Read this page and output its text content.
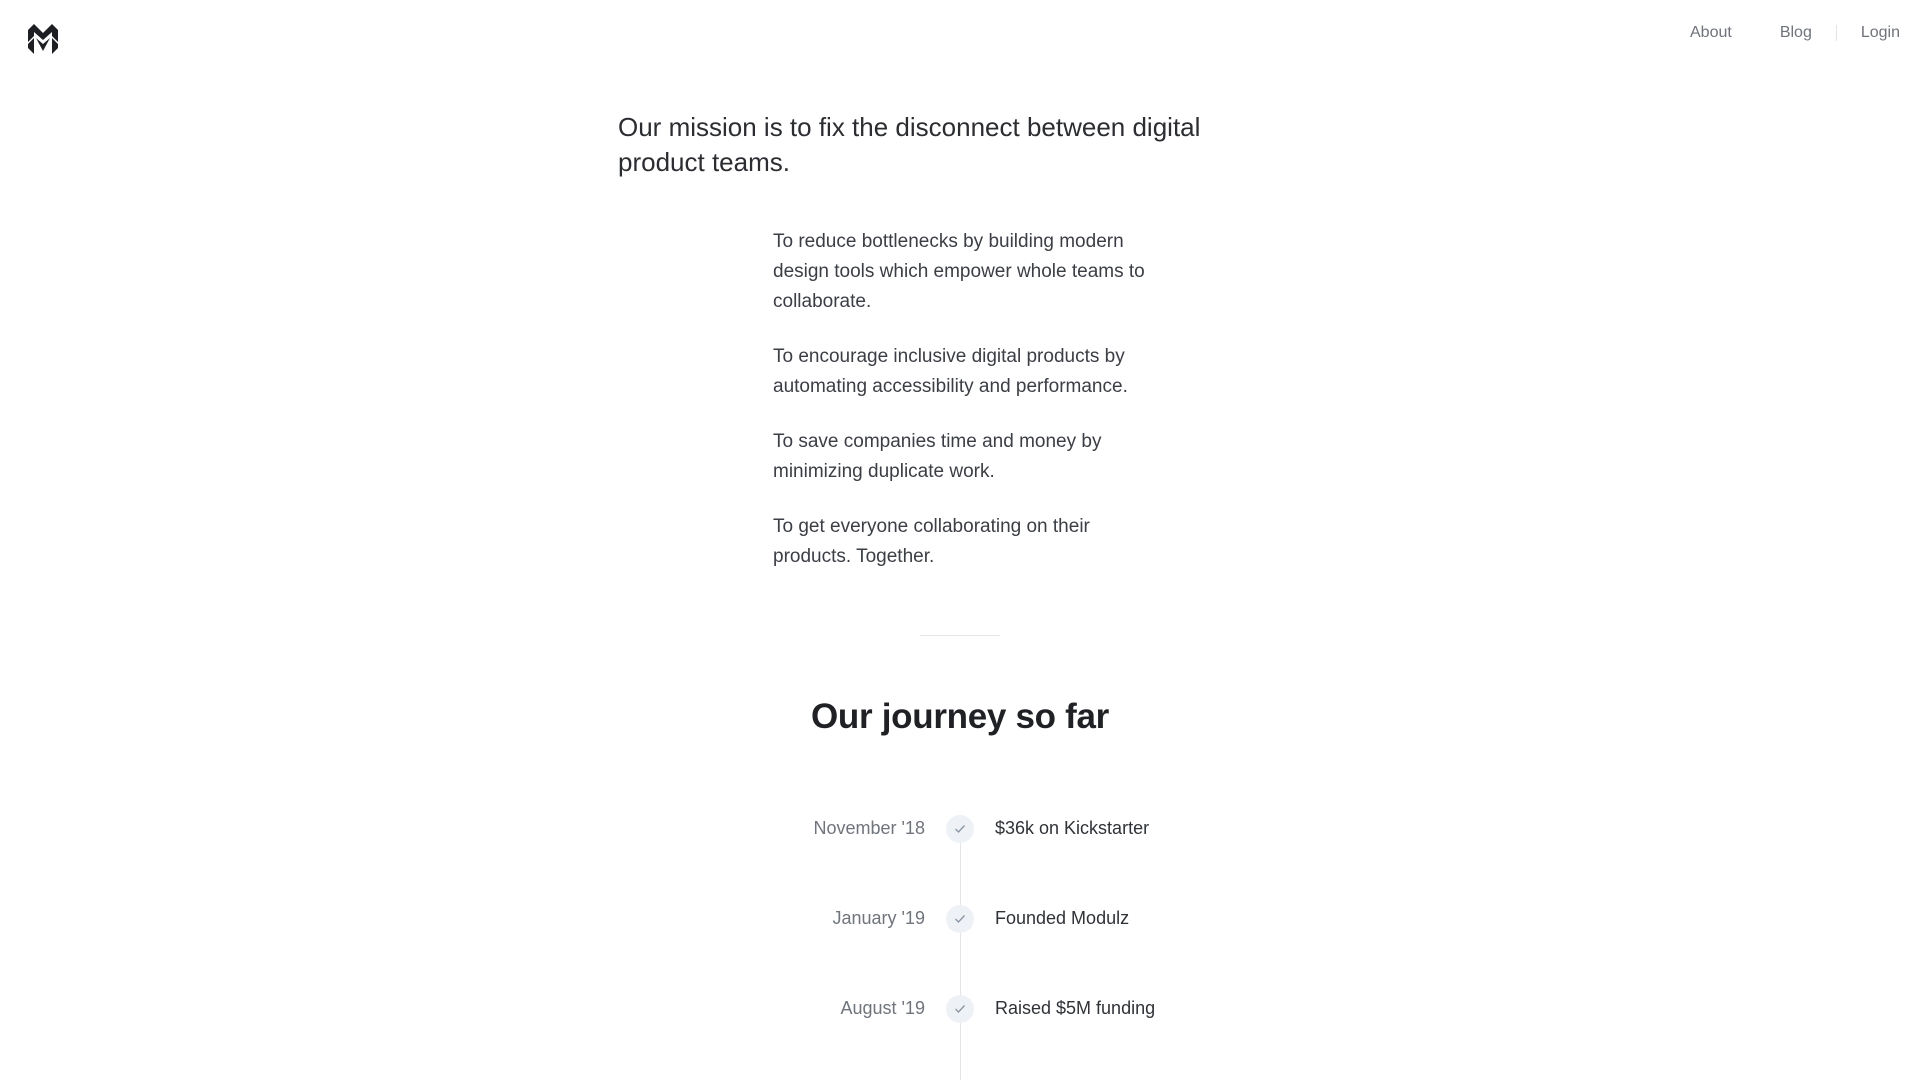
About	Blog	Login
Our mission is to fix the disconnect between digital product teams.

To reduce bottlenecks by building modern design tools which empower whole teams to collaborate.

To encourage inclusive digital products by automating accessibility and performance.

To save companies time and money by minimizing duplicate work.

To get everyone collaborating on their products. Together.

Our journey so far
November '18	$36k on Kickstarter
January '19	Founded Modulz
August '19	Raised $5M funding
